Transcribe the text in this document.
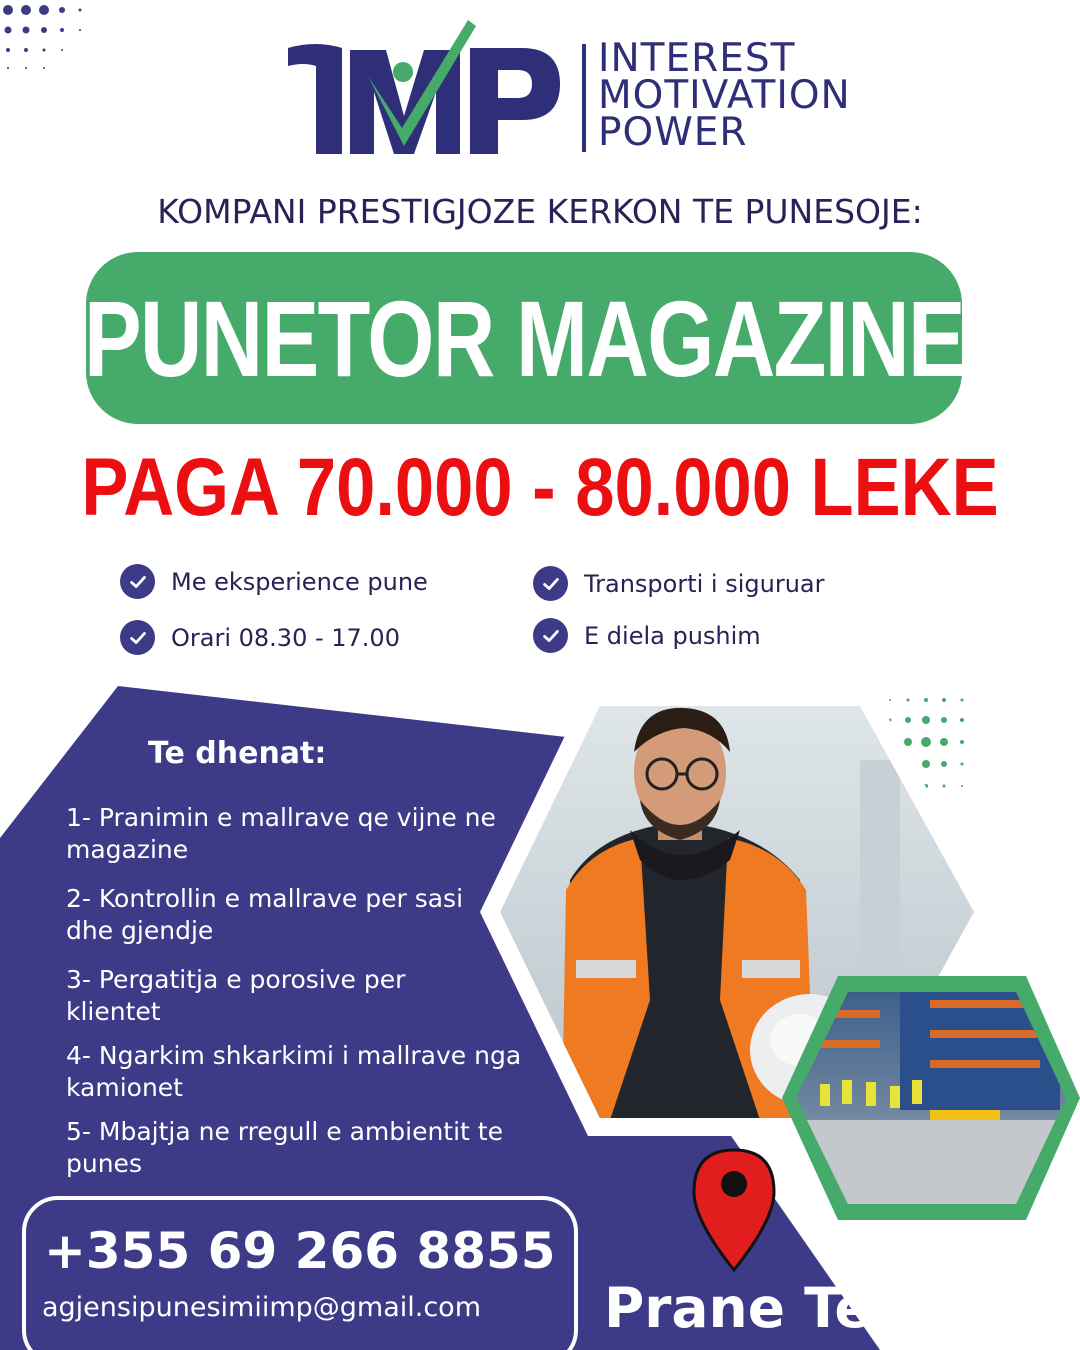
INTEREST
MOTIVATION
POWER
KOMPANI PRESTIGJOZE KERKON TE PUNESOJE:
PUNETOR MAGAZINE
PAGA 70.000 - 80.000 LEKE
Me eksperience pune	Transporti i siguruar
Orari 08.30 - 17.00	E diela pushim
Te dhenat:
1- Pranimin e mallrave qe vijne ne magazine
2- Kontrollin e mallrave per sasi dhe gjendje
3- Pergatitja e porosive per klientet
4- Ngarkim shkarkimi i mallrave nga kamionet
5- Mbajtja ne rregull e ambientit te punes
+355 69 266 8855
agjensipunesimiimp@gmail.com Prane Tegut
